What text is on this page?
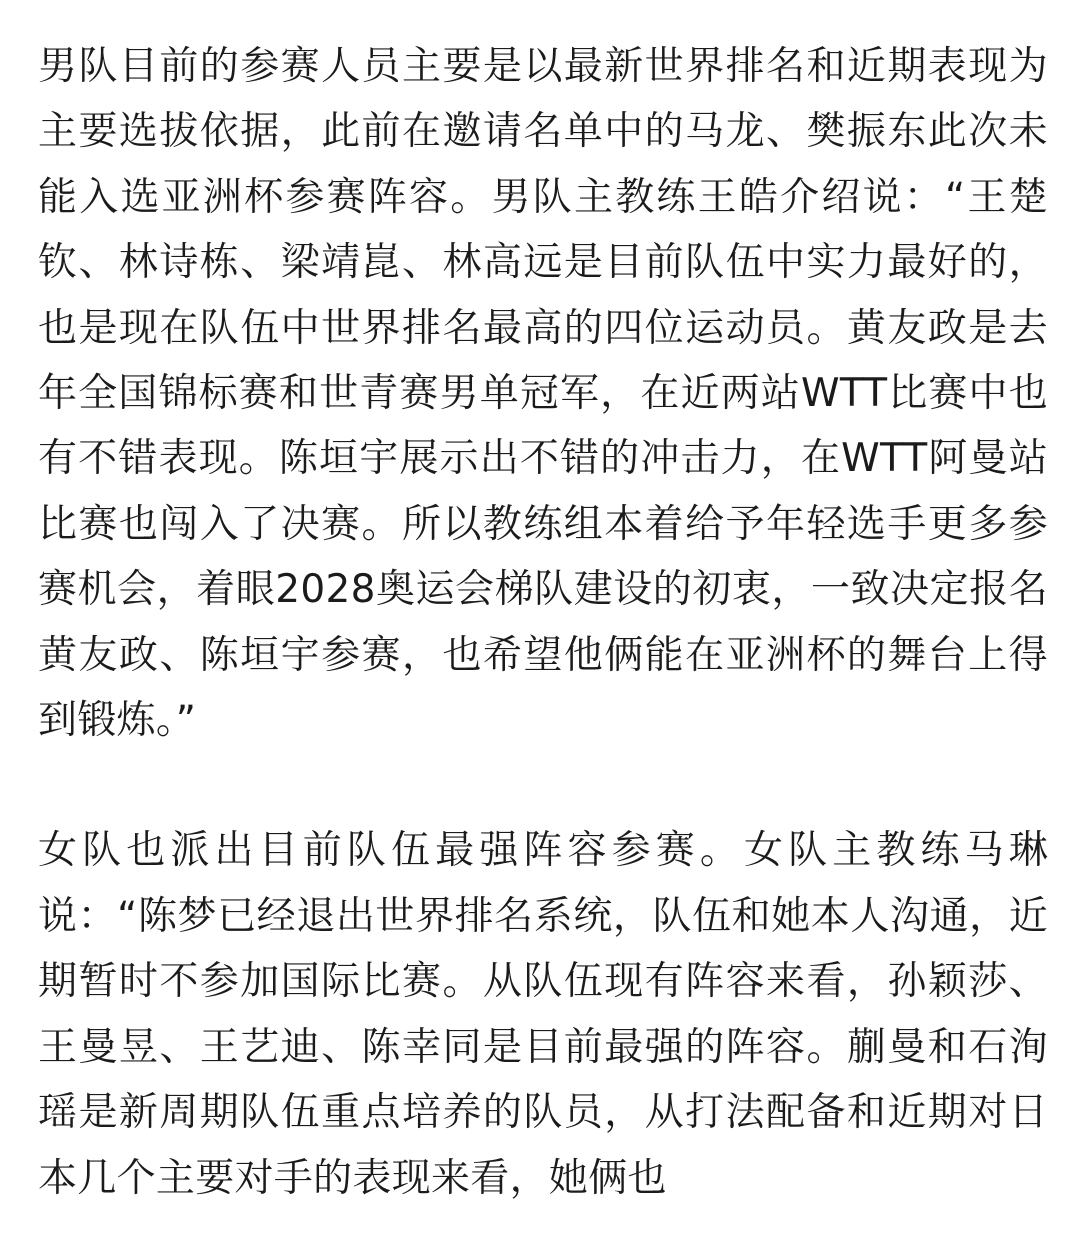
男队目前的参赛人员主要是以最新世界排名和近期表现为主要选拔依据，此前在邀请名单中的马龙、樊振东此次未能入选亚洲杯参赛阵容。男队主教练王皓介绍说：“王楚钦、林诗栋、梁靖崑、林高远是目前队伍中实力最好的，也是现在队伍中世界排名最高的四位运动员。黄友政是去年全国锦标赛和世青赛男单冠军，在近两站WTT比赛中也有不错表现。陈垣宇展示出不错的冲击力，在WTT阿曼站比赛也闯入了决赛。所以教练组本着给予年轻选手更多参赛机会，着眼2028奥运会梯队建设的初衷，一致决定报名黄友政、陈垣宇参赛，也希望他俩能在亚洲杯的舞台上得到锻炼。”

女队也派出目前队伍最强阵容参赛。女队主教练马琳说：“陈梦已经退出世界排名系统，队伍和她本人沟通，近期暂时不参加国际比赛。从队伍现有阵容来看，孙颖莎、王曼昱、王艺迪、陈幸同是目前最强的阵容。蒯曼和石洵瑶是新周期队伍重点培养的队员，从打法配备和近期对日本几个主要对手的表现来看，她俩也
